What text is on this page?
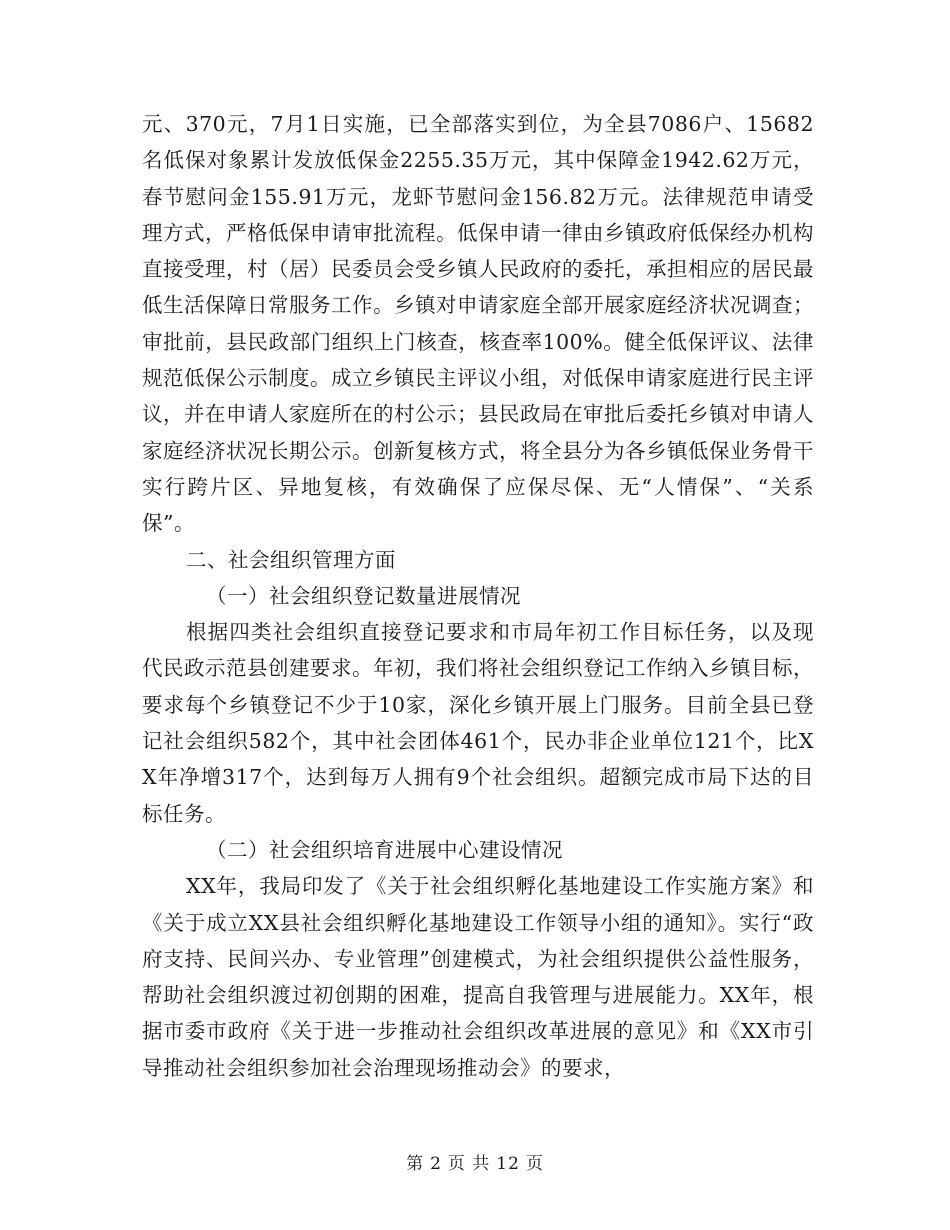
元、370元，7月1日实施，已全部落实到位，为全县7086户、15682名低保对象累计发放低保金2255.35万元，其中保障金1942.62万元，春节慰问金155.91万元，龙虾节慰问金156.82万元。法律规范申请受理方式，严格低保申请审批流程。低保申请一律由乡镇政府低保经办机构直接受理，村（居）民委员会受乡镇人民政府的委托，承担相应的居民最低生活保障日常服务工作。乡镇对申请家庭全部开展家庭经济状况调查；审批前，县民政部门组织上门核查，核查率100%。健全低保评议、法律规范低保公示制度。成立乡镇民主评议小组，对低保申请家庭进行民主评议，并在申请人家庭所在的村公示；县民政局在审批后委托乡镇对申请人家庭经济状况长期公示。创新复核方式，将全县分为各乡镇低保业务骨干实行跨片区、异地复核，有效确保了应保尽保、无“人情保”、“关系保”。

二、社会组织管理方面

（一）社会组织登记数量进展情况

根据四类社会组织直接登记要求和市局年初工作目标任务，以及现代民政示范县创建要求。年初，我们将社会组织登记工作纳入乡镇目标，要求每个乡镇登记不少于10家，深化乡镇开展上门服务。目前全县已登记社会组织582个，其中社会团体461个，民办非企业单位121个，比XX年净增317个，达到每万人拥有9个社会组织。超额完成市局下达的目标任务。

（二）社会组织培育进展中心建设情况

XX年，我局印发了《关于社会组织孵化基地建设工作实施方案》和《关于成立XX县社会组织孵化基地建设工作领导小组的通知》。实行“政府支持、民间兴办、专业管理”创建模式，为社会组织提供公益性服务，帮助社会组织渡过初创期的困难，提高自我管理与进展能力。XX年，根据市委市政府《关于进一步推动社会组织改革进展的意见》和《XX市引导推动社会组织参加社会治理现场推动会》的要求，

第 2 页 共 12 页
